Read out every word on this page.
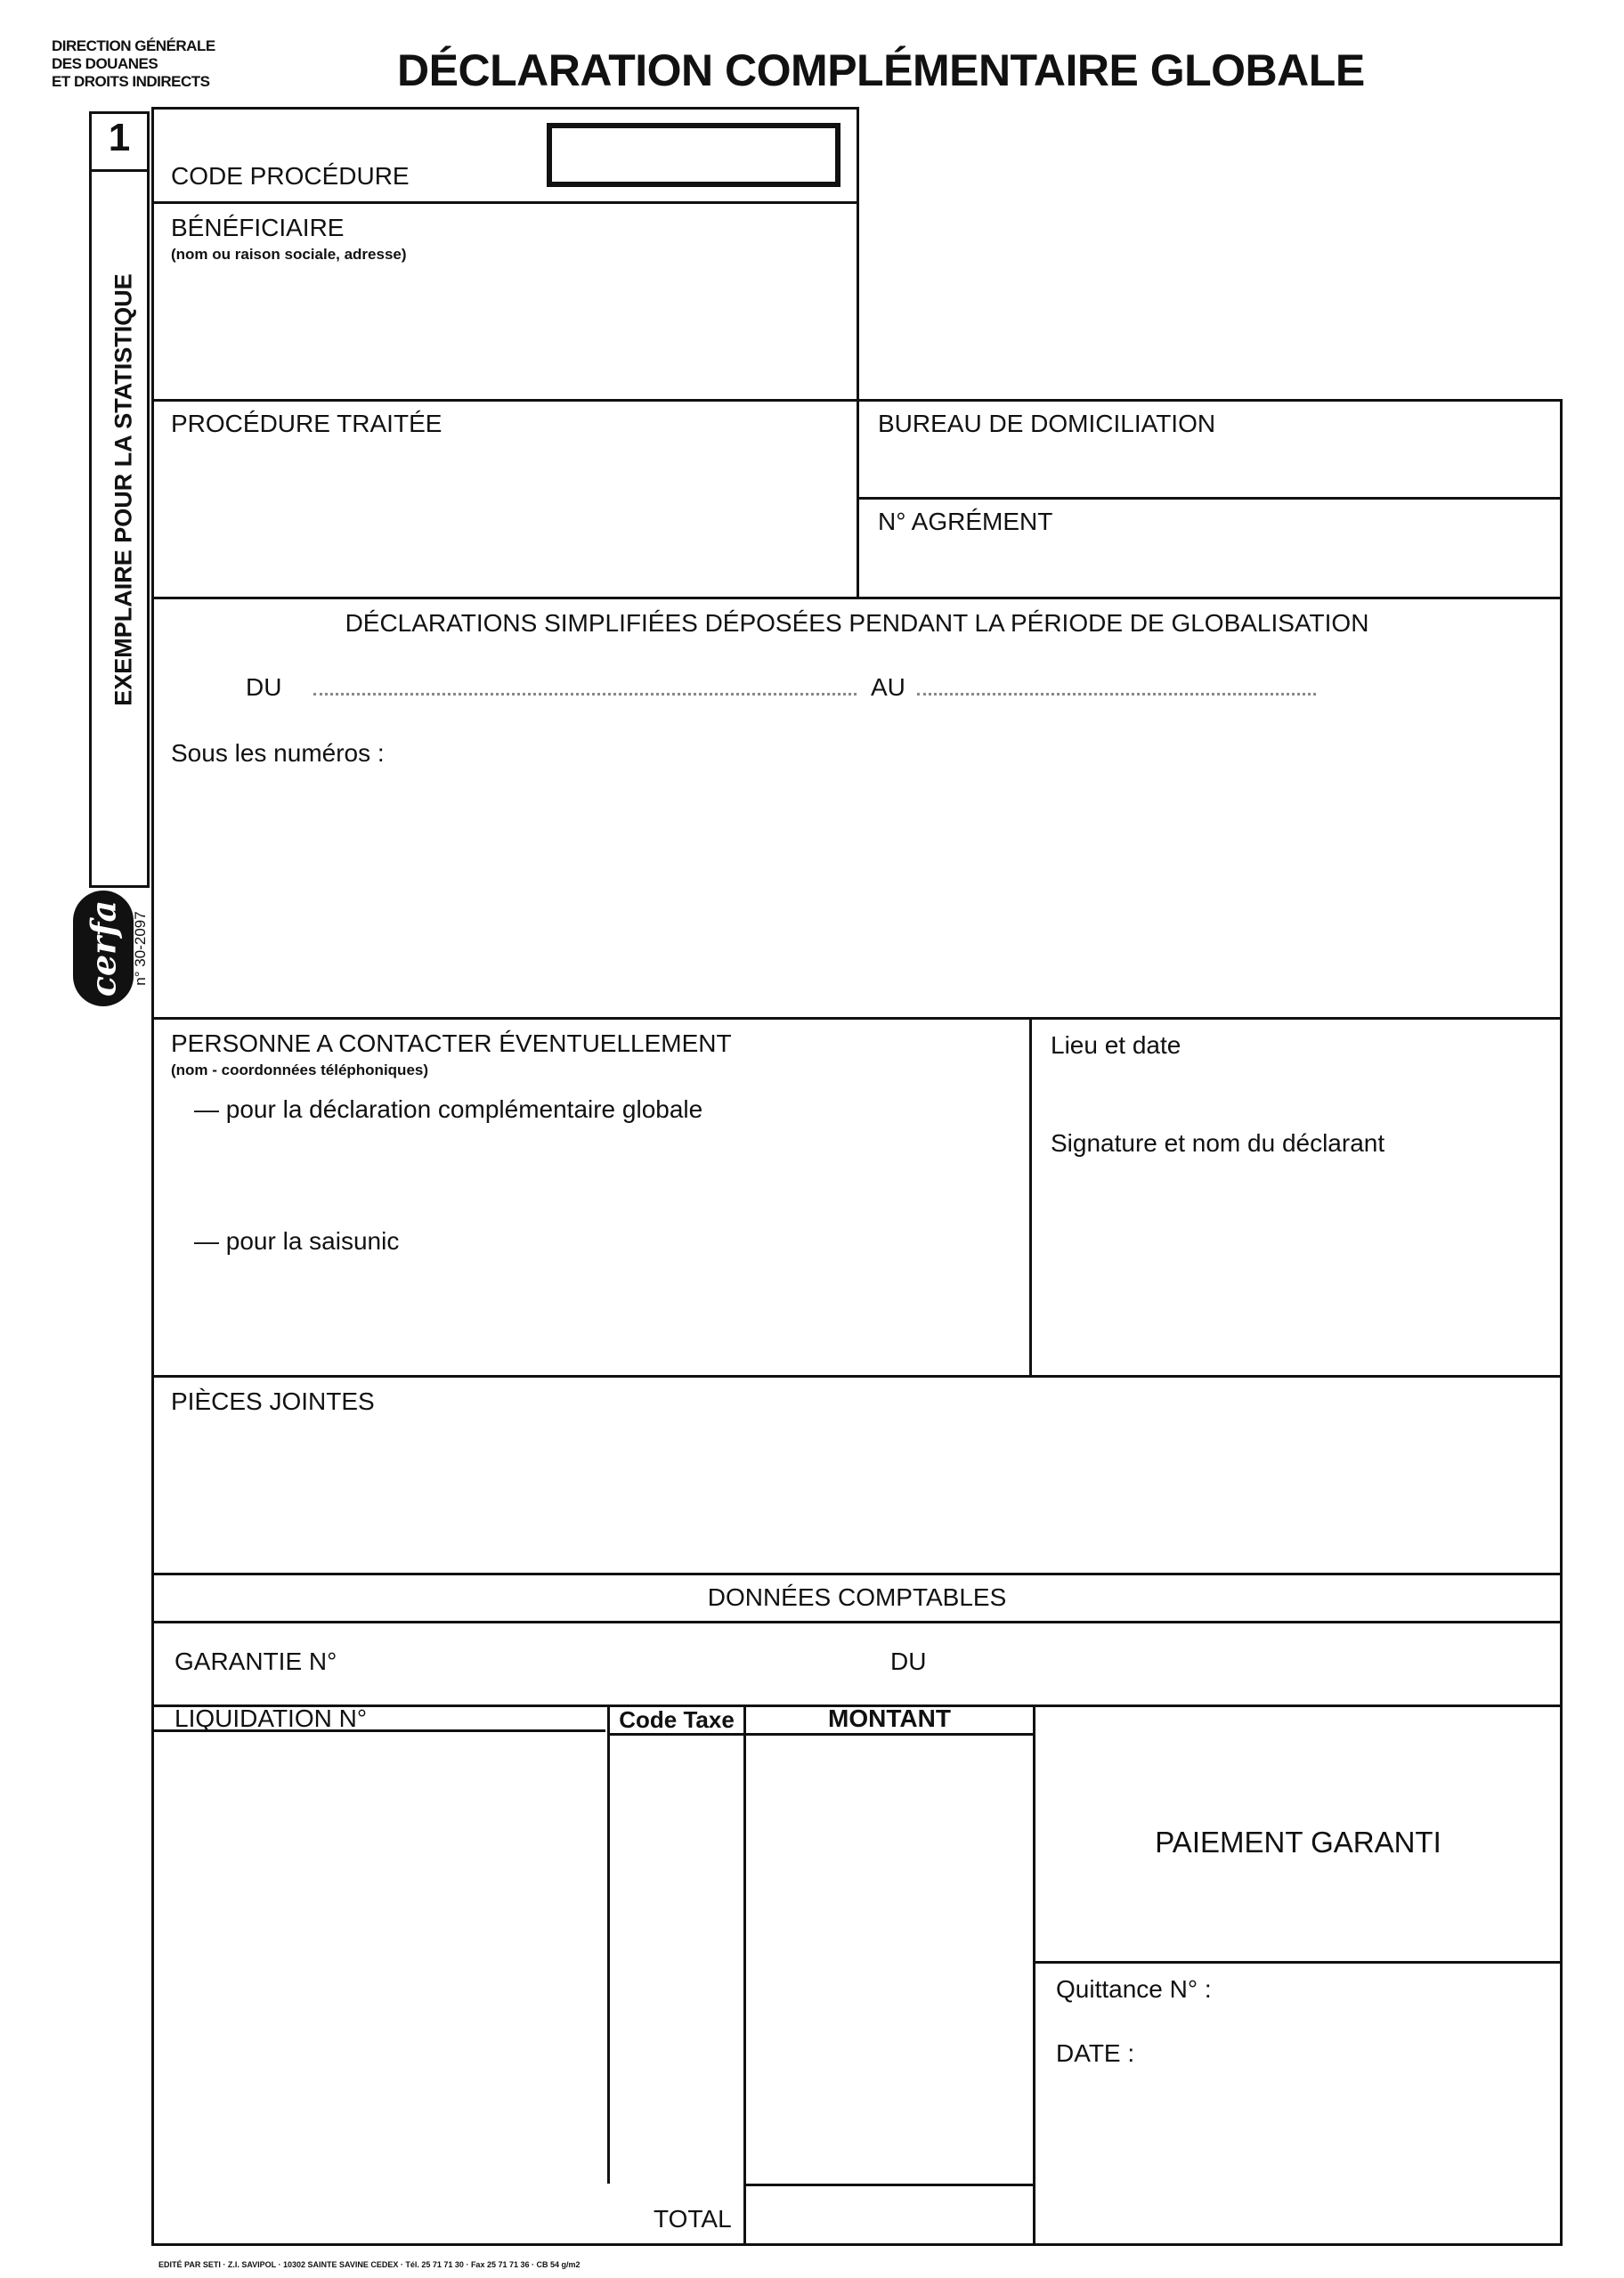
DIRECTION GÉNÉRALE
DES DOUANES
ET DROITS INDIRECTS	DÉCLARATION COMPLÉMENTAIRE GLOBALE
1
EXEMPLAIRE POUR LA STATISTIQUE
cerfa n° 30-2097
CODE PROCÉDURE
BÉNÉFICIAIRE
(nom ou raison sociale, adresse)
PROCÉDURE TRAITÉE	BUREAU DE DOMICILIATION
N° AGRÉMENT
DÉCLARATIONS SIMPLIFIÉES DÉPOSÉES PENDANT LA PÉRIODE DE GLOBALISATION
DU	AU
Sous les numéros :
PERSONNE A CONTACTER ÉVENTUELLEMENT
(nom - coordonnées téléphoniques)
— pour la déclaration complémentaire globale
— pour la saisunic
Lieu et date
Signature et nom du déclarant
PIÈCES JOINTES
DONNÉES COMPTABLES
GARANTIE N°	DU
LIQUIDATION N°	Code Taxe	MONTANT
TOTAL
PAIEMENT GARANTI
Quittance N° :
DATE :
EDITÉ PAR SETI · Z.I. SAVIPOL · 10302 SAINTE SAVINE CEDEX · Tél. 25 71 71 30 · Fax 25 71 71 36 · CB 54 g/m2
